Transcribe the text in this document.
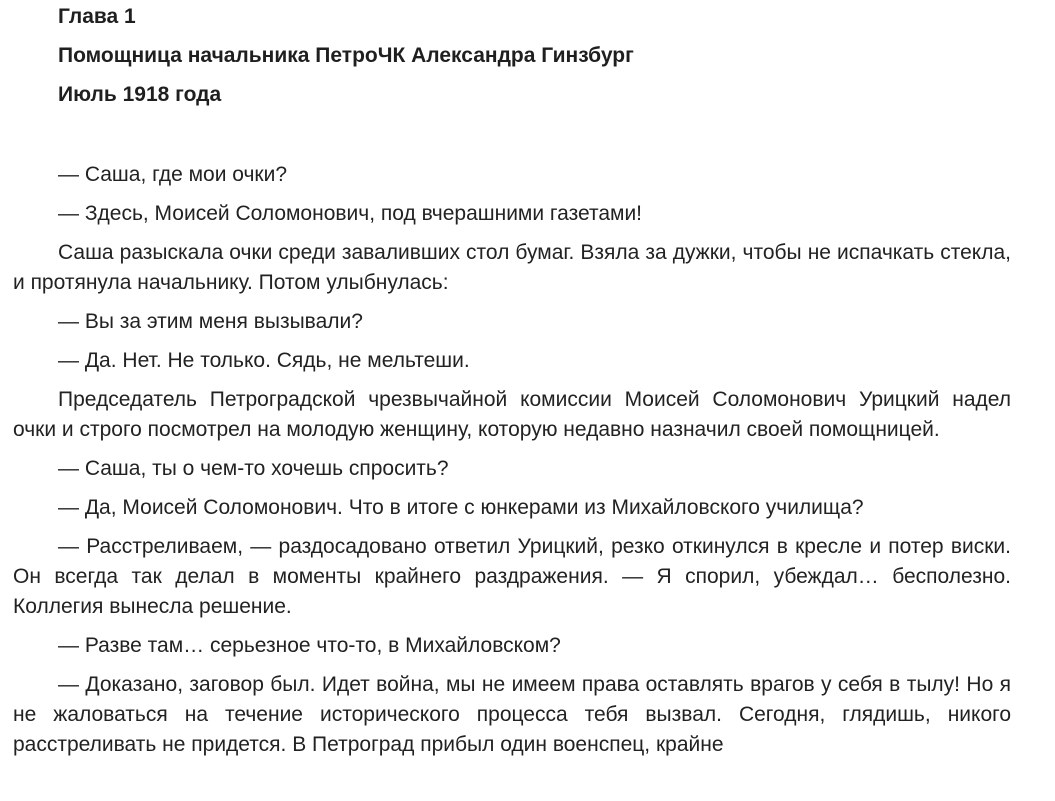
Глава 1
Помощница начальника ПетроЧК Александра Гинзбург
Июль 1918 года

— Саша, где мои очки?

— Здесь, Моисей Соломонович, под вчерашними газетами!

Саша разыскала очки среди заваливших стол бумаг. Взяла за дужки, чтобы не испачкать стекла, и протянула начальнику. Потом улыбнулась:

— Вы за этим меня вызывали?

— Да. Нет. Не только. Сядь, не мельтеши.

Председатель Петроградской чрезвычайной комиссии Моисей Соломонович Урицкий надел очки и строго посмотрел на молодую женщину, которую недавно назначил своей помощницей.

— Саша, ты о чем-то хочешь спросить?

— Да, Моисей Соломонович. Что в итоге с юнкерами из Михайловского училища?

— Расстреливаем, — раздосадовано ответил Урицкий, резко откинулся в кресле и потер виски. Он всегда так делал в моменты крайнего раздражения. — Я спорил, убеждал… бесполезно. Коллегия вынесла решение.

— Разве там… серьезное что-то, в Михайловском?

— Доказано, заговор был. Идет война, мы не имеем права оставлять врагов у себя в тылу! Но я не жаловаться на течение исторического процесса тебя вызвал. Сегодня, глядишь, никого расстреливать не придется. В Петроград прибыл один военспец, крайне
